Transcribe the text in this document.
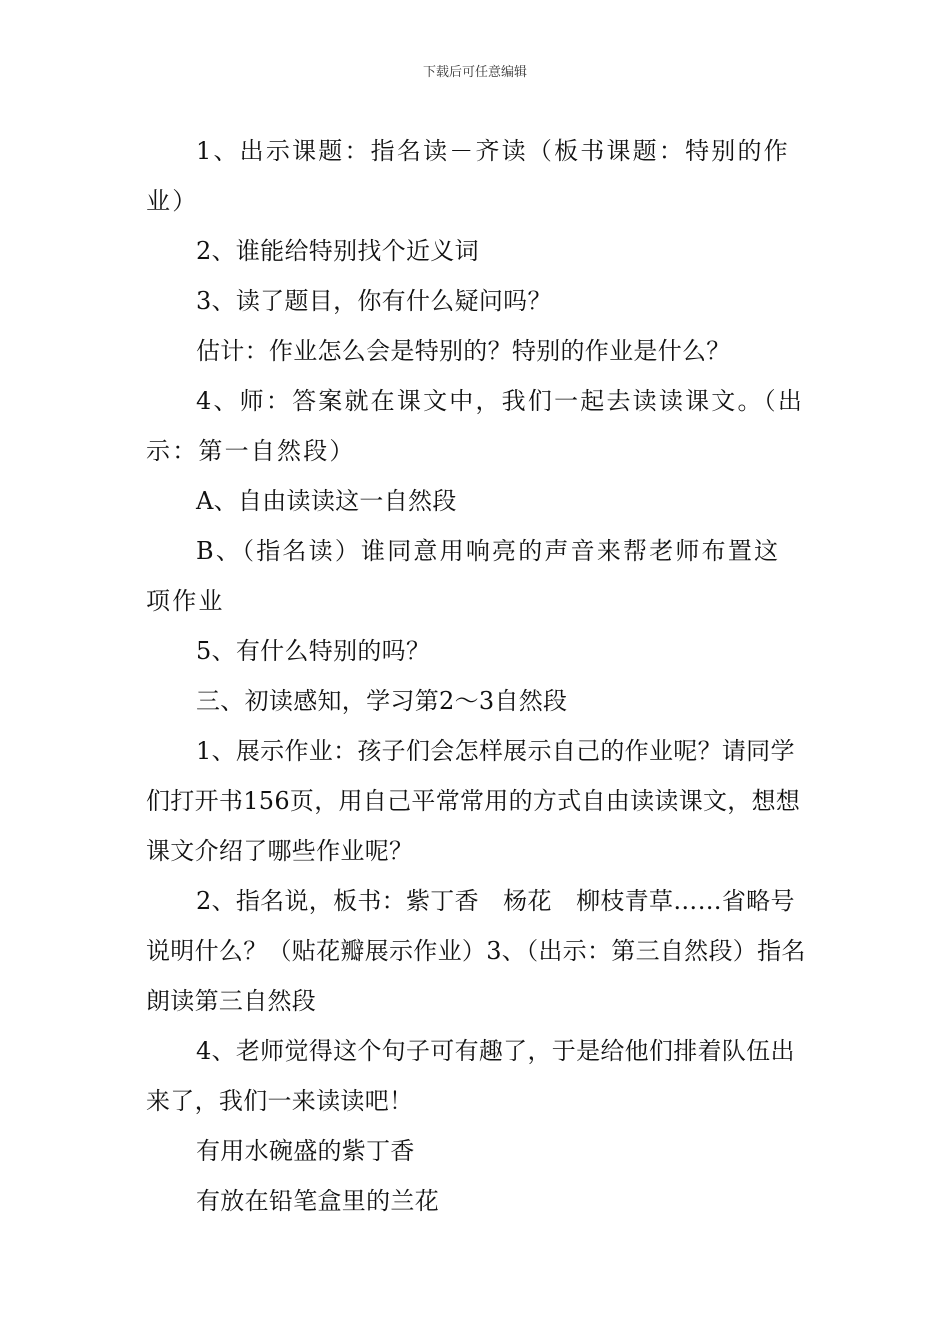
下载后可任意编辑

1、出示课题：指名读－齐读（板书课题：特别的作业）

2、谁能给特别找个近义词

3、读了题目，你有什么疑问吗？

估计：作业怎么会是特别的？特别的作业是什么？

4、师：答案就在课文中，我们一起去读读课文。（出示：第一自然段）

A、自由读读这一自然段

B、（指名读）谁同意用响亮的声音来帮老师布置这项作业

5、有什么特别的吗？

三、初读感知，学习第2～3自然段

1、展示作业：孩子们会怎样展示自己的作业呢？请同学们打开书156页，用自己平常常用的方式自由读读课文，想想课文介绍了哪些作业呢？

2、指名说，板书：紫丁香　杨花　柳枝青草……省略号说明什么？（贴花瓣展示作业）3、（出示：第三自然段）指名朗读第三自然段

4、老师觉得这个句子可有趣了，于是给他们排着队伍出来了，我们一来读读吧！

有用水碗盛的紫丁香

有放在铅笔盒里的兰花
